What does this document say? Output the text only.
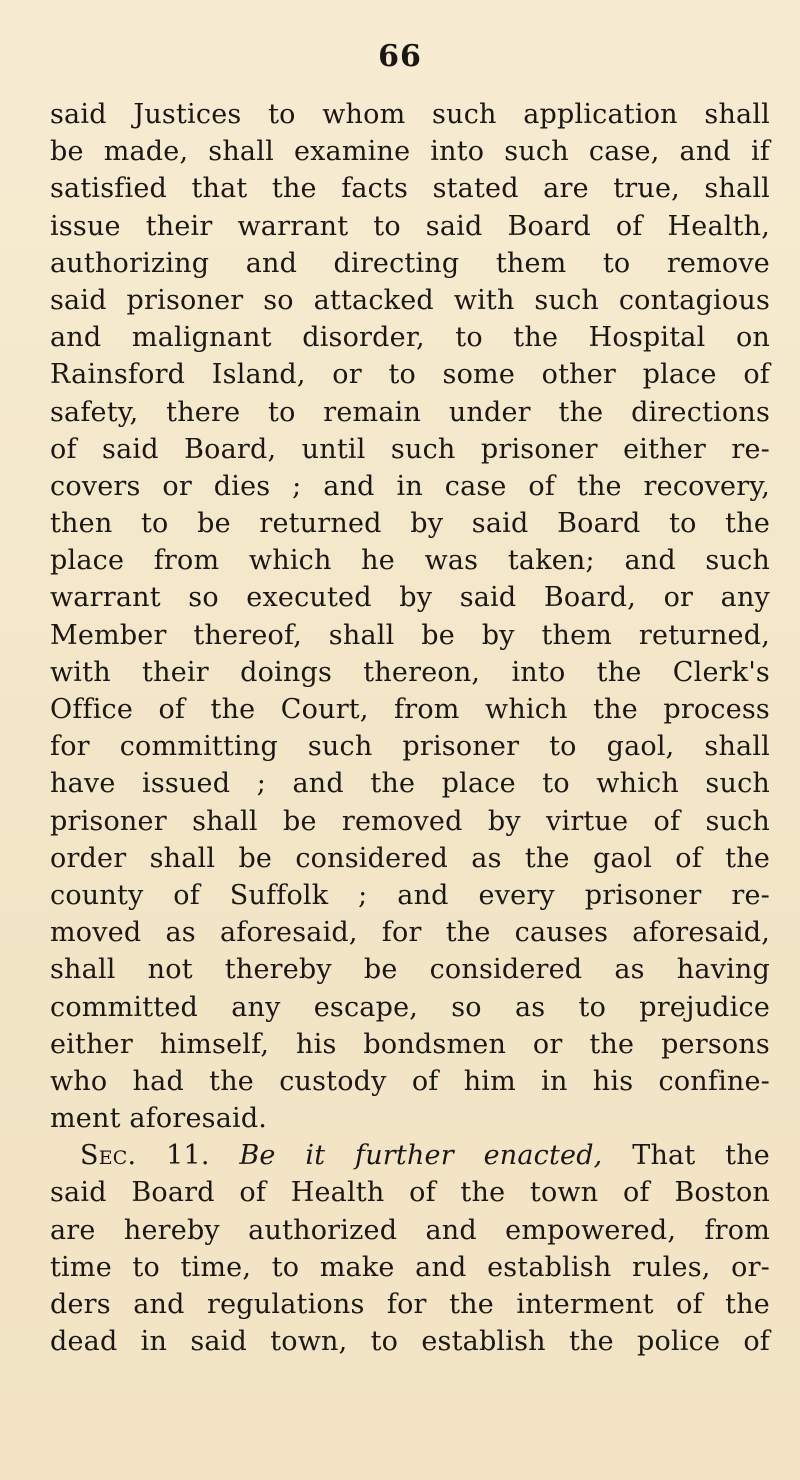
66
said Justices to whom such application shall
be made, shall examine into such case, and if
satisfied that the facts stated are true, shall
issue their warrant to said Board of Health,
authorizing and directing them to remove
said prisoner so attacked with such contagious
and malignant disorder, to the Hospital on
Rainsford Island, or to some other place of
safety, there to remain under the directions
of said Board, until such prisoner either re-
covers or dies ; and in case of the recovery,
then to be returned by said Board to the
place from which he was taken; and such
warrant so executed by said Board, or any
Member thereof, shall be by them returned,
with their doings thereon, into the Clerk's
Office of the Court, from which the process
for committing such prisoner to gaol, shall
have issued ; and the place to which such
prisoner shall be removed by virtue of such
order shall be considered as the gaol of the
county of Suffolk ; and every prisoner re-
moved as aforesaid, for the causes aforesaid,
shall not thereby be considered as having
committed any escape, so as to prejudice
either himself, his bondsmen or the persons
who had the custody of him in his confine-
ment aforesaid.
Sec. 11. Be it further enacted, That the
said Board of Health of the town of Boston
are hereby authorized and empowered, from
time to time, to make and establish rules, or-
ders and regulations for the interment of the
dead in said town, to establish the police of
